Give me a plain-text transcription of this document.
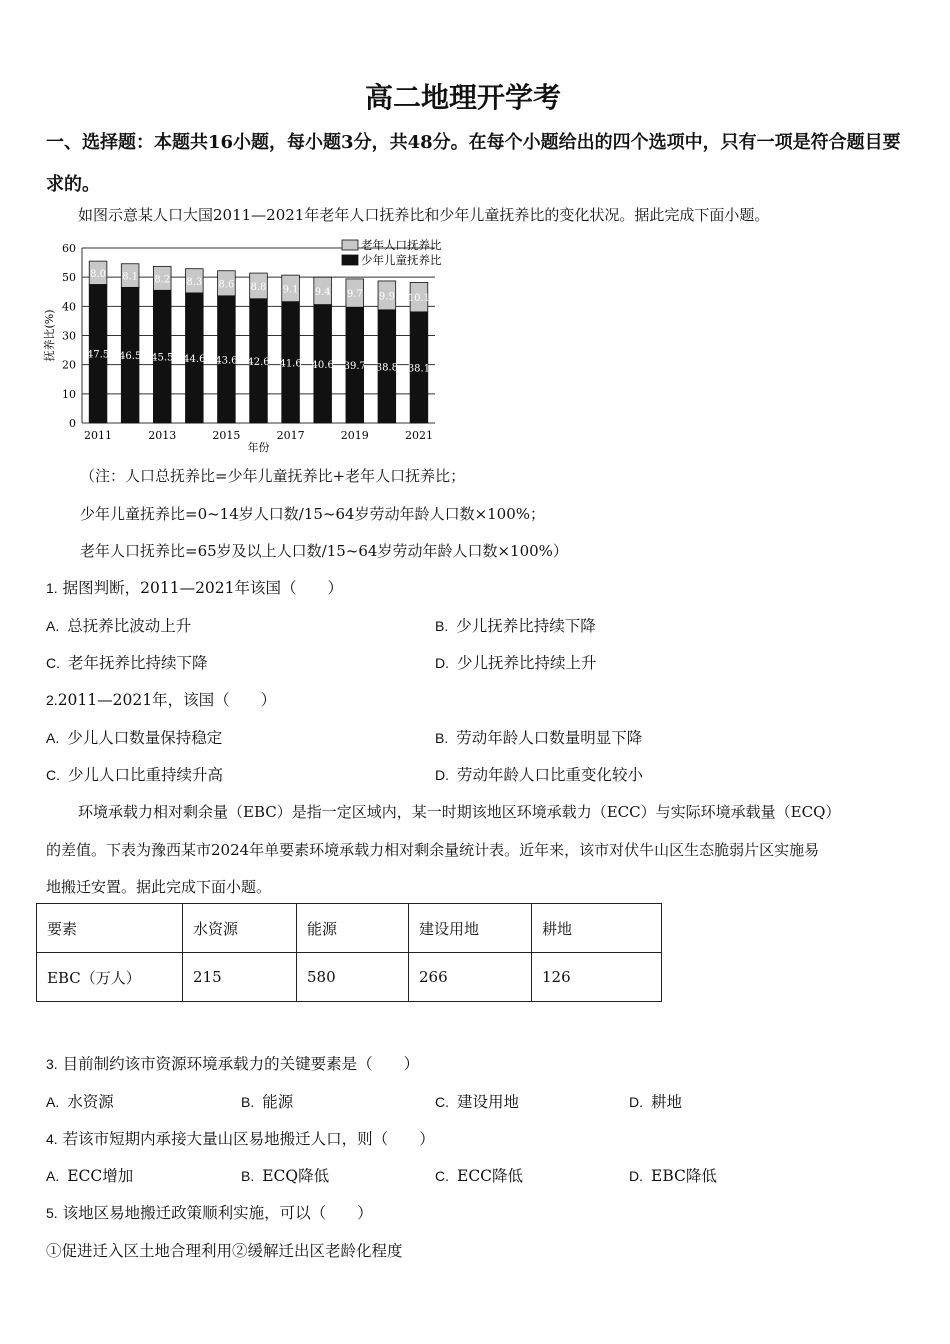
高二地理开学考
一、选择题：本题共16小题，每小题3分，共48分。在每个小题给出的四个选项中，只有一项是符合题目要求的。
如图示意某人口大国2011—2021年老年人口抚养比和少年儿童抚养比的变化状况。据此完成下面小题。
0
10
20
30
40
50
60
47.5
8.0
46.5
8.1
45.5
8.2
44.6
8.3
43.6
8.6
42.6
8.8
41.6
9.1
40.6
9.4
39.7
9.7
38.8
9.9
38.1
10.1
2011	2013	2015	2017	2019	2021
年份
抚养比(%)
老年人口抚养比
少年儿童抚养比
（注：人口总抚养比=少年儿童抚养比+老年人口抚养比；
少年儿童抚养比=0~14岁人口数/15~64岁劳动年龄人口数×100%；
老年人口抚养比=65岁及以上人口数/15~64岁劳动年龄人口数×100%）
1. 据图判断，2011—2021年该国（　　）
A. 总抚养比波动上升	B. 少儿抚养比持续下降
C. 老年抚养比持续下降	D. 少儿抚养比持续上升
2.2011—2021年，该国（　　）
A. 少儿人口数量保持稳定	B. 劳动年龄人口数量明显下降
C. 少儿人口比重持续升高	D. 劳动年龄人口比重变化较小
环境承载力相对剩余量（EBC）是指一定区域内，某一时期该地区环境承载力（ECC）与实际环境承载量（ECQ）
的差值。下表为豫西某市2024年单要素环境承载力相对剩余量统计表。近年来，该市对伏牛山区生态脆弱片区实施易
地搬迁安置。据此完成下面小题。
要素	水资源	能源	建设用地	耕地
EBC（万人）	215	580	266	126
3. 目前制约该市资源环境承载力的关键要素是（　　）
A. 水资源	B. 能源	C. 建设用地	D. 耕地
4. 若该市短期内承接大量山区易地搬迁人口，则（　　）
A. ECC增加	B. ECQ降低	C. ECC降低	D. EBC降低
5. 该地区易地搬迁政策顺利实施，可以（　　）
①促进迁入区土地合理利用②缓解迁出区老龄化程度
